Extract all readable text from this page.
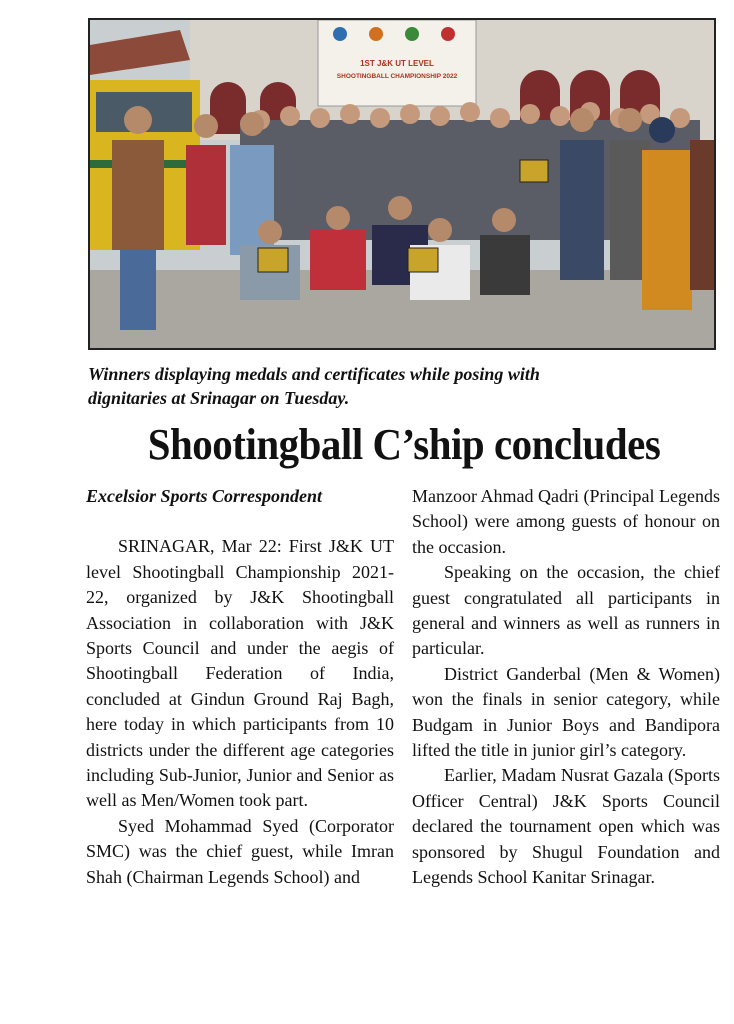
1ST J&K UT LEVEL
SHOOTINGBALL CHAMPIONSHIP 2022
Winners displaying medals and certificates while posing with
dignitaries at Srinagar on Tuesday.
Shootingball C’ship concludes
Excelsior Sports Correspondent

SRINAGAR, Mar 22: First J&K UT level Shootingball Championship 2021-22, organized by J&K Shootingball Association in collaboration with J&K Sports Council and under the aegis of Shootingball Federation of India, concluded at Gindun Ground Raj Bagh, here today in which participants from 10 districts under the different age categories including Sub-Junior, Junior and Senior as well as Men/Women took part.

Syed Mohammad Syed (Corporator SMC) was the chief guest, while Imran Shah (Chairman Legends School) and

Manzoor Ahmad Qadri (Principal Legends School) were among guests of honour on the occasion.

Speaking on the occasion, the chief guest congratulated all participants in general and winners as well as runners in particular.

District Ganderbal (Men & Women) won the finals in senior category, while Budgam in Junior Boys and Bandipora lifted the title in junior girl’s category.

Earlier, Madam Nusrat Gazala (Sports Officer Central) J&K Sports Council declared the tournament open which was sponsored by Shugul Foundation and Legends School Kanitar Srinagar.
